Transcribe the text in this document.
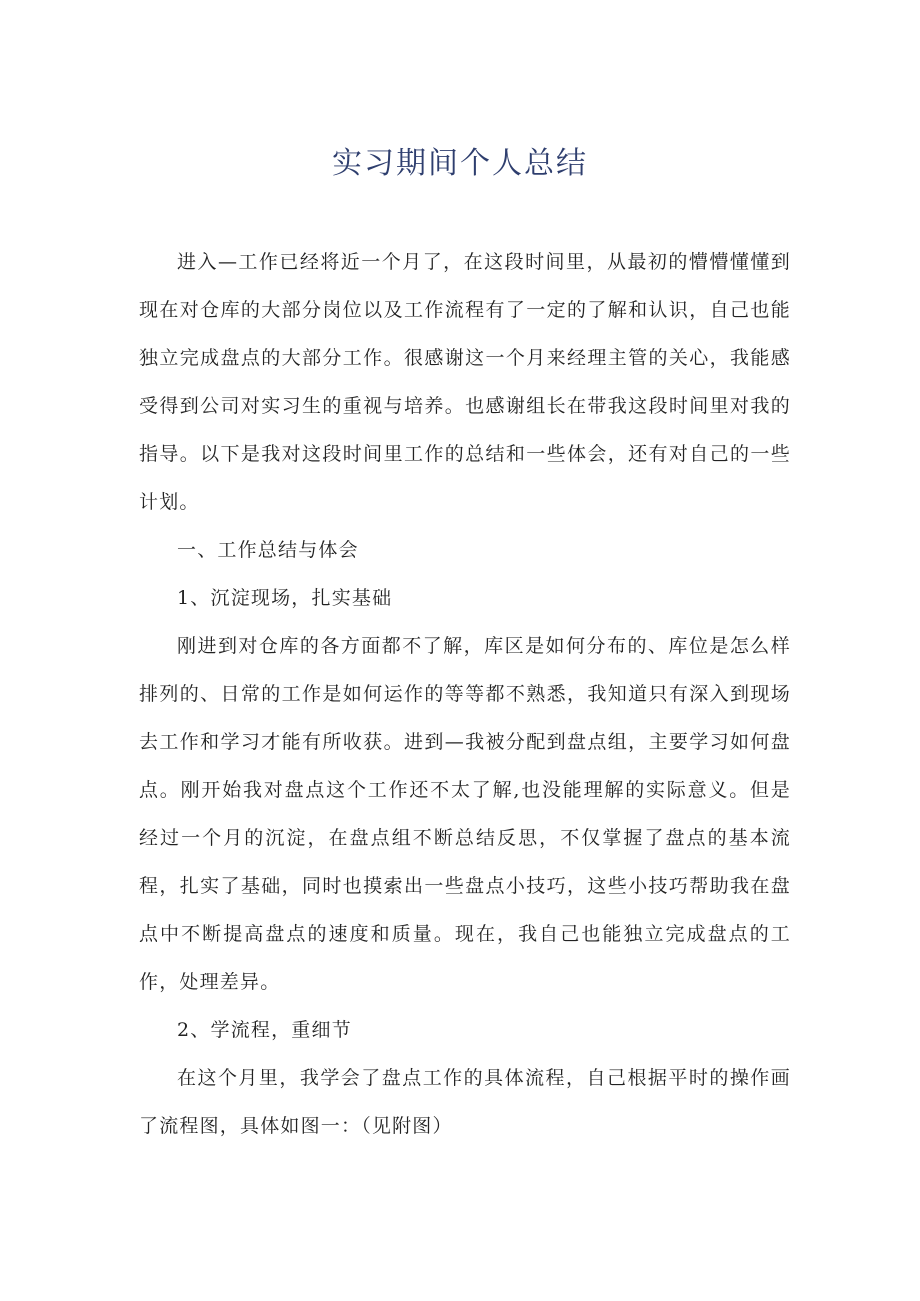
实习期间个人总结

进入—工作已经将近一个月了，在这段时间里，从最初的懵懵懂懂到现在对仓库的大部分岗位以及工作流程有了一定的了解和认识，自己也能独立完成盘点的大部分工作。很感谢这一个月来经理主管的关心，我能感受得到公司对实习生的重视与培养。也感谢组长在带我这段时间里对我的指导。以下是我对这段时间里工作的总结和一些体会，还有对自己的一些计划。

一、工作总结与体会

1、沉淀现场，扎实基础

刚进到对仓库的各方面都不了解，库区是如何分布的、库位是怎么样排列的、日常的工作是如何运作的等等都不熟悉，我知道只有深入到现场去工作和学习才能有所收获。进到—我被分配到盘点组，主要学习如何盘点。刚开始我对盘点这个工作还不太了解,也没能理解的实际意义。但是经过一个月的沉淀，在盘点组不断总结反思，不仅掌握了盘点的基本流程，扎实了基础，同时也摸索出一些盘点小技巧，这些小技巧帮助我在盘点中不断提高盘点的速度和质量。现在，我自己也能独立完成盘点的工作，处理差异。

2、学流程，重细节

在这个月里，我学会了盘点工作的具体流程，自己根据平时的操作画了流程图，具体如图一：（见附图）
